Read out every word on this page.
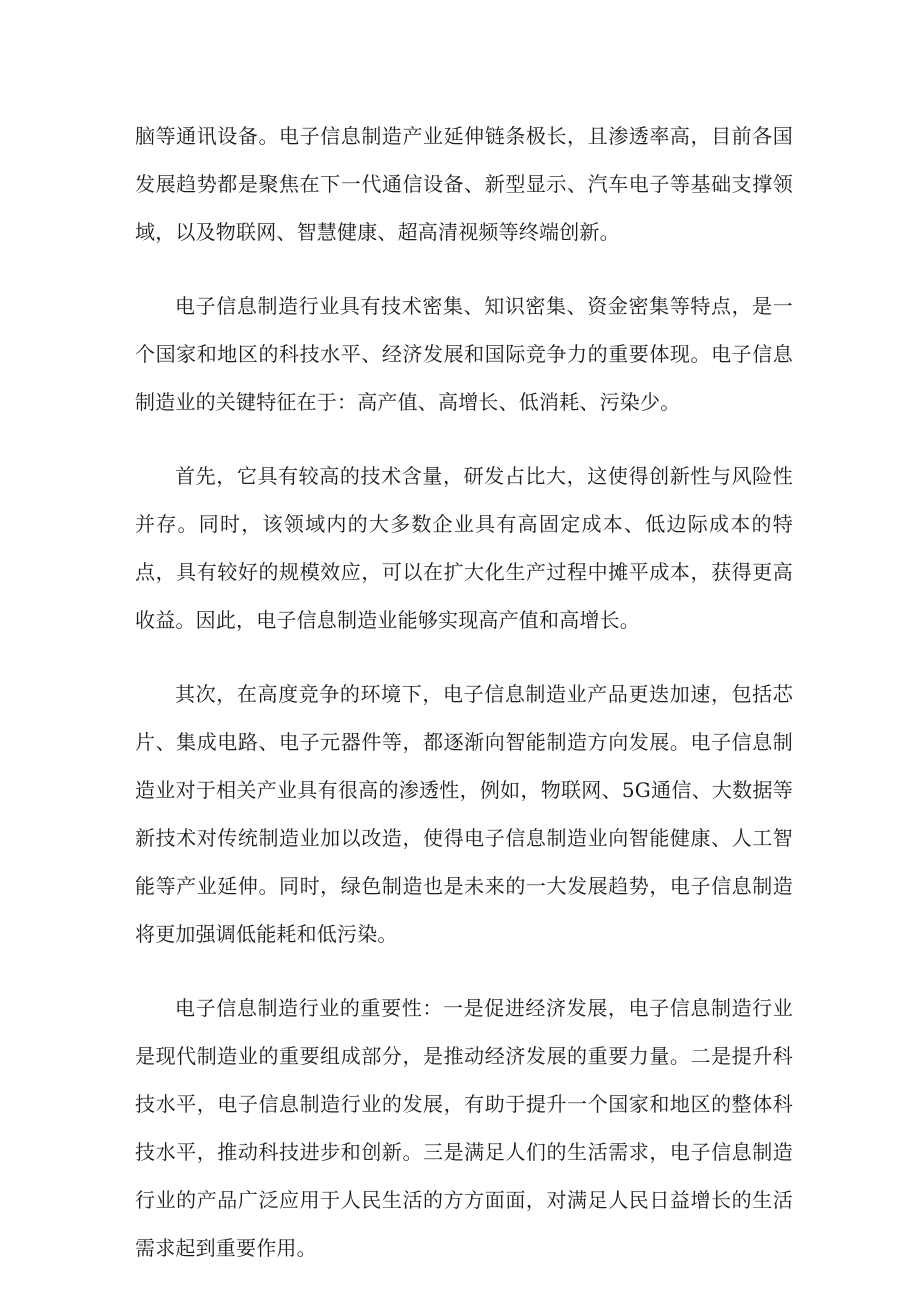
脑等通讯设备。电子信息制造产业延伸链条极长，且渗透率高，目前各国发展趋势都是聚焦在下一代通信设备、新型显示、汽车电子等基础支撑领域，以及物联网、智慧健康、超高清视频等终端创新。

电子信息制造行业具有技术密集、知识密集、资金密集等特点，是一个国家和地区的科技水平、经济发展和国际竞争力的重要体现。电子信息制造业的关键特征在于：高产值、高增长、低消耗、污染少。

首先，它具有较高的技术含量，研发占比大，这使得创新性与风险性并存。同时，该领域内的大多数企业具有高固定成本、低边际成本的特点，具有较好的规模效应，可以在扩大化生产过程中摊平成本，获得更高收益。因此，电子信息制造业能够实现高产值和高增长。

其次，在高度竞争的环境下，电子信息制造业产品更迭加速，包括芯片、集成电路、电子元器件等，都逐渐向智能制造方向发展。电子信息制造业对于相关产业具有很高的渗透性，例如，物联网、5G通信、大数据等新技术对传统制造业加以改造，使得电子信息制造业向智能健康、人工智能等产业延伸。同时，绿色制造也是未来的一大发展趋势，电子信息制造将更加强调低能耗和低污染。

电子信息制造行业的重要性：一是促进经济发展，电子信息制造行业是现代制造业的重要组成部分，是推动经济发展的重要力量。二是提升科技水平，电子信息制造行业的发展，有助于提升一个国家和地区的整体科技水平，推动科技进步和创新。三是满足人们的生活需求，电子信息制造行业的产品广泛应用于人民生活的方方面面，对满足人民日益增长的生活需求起到重要作用。
